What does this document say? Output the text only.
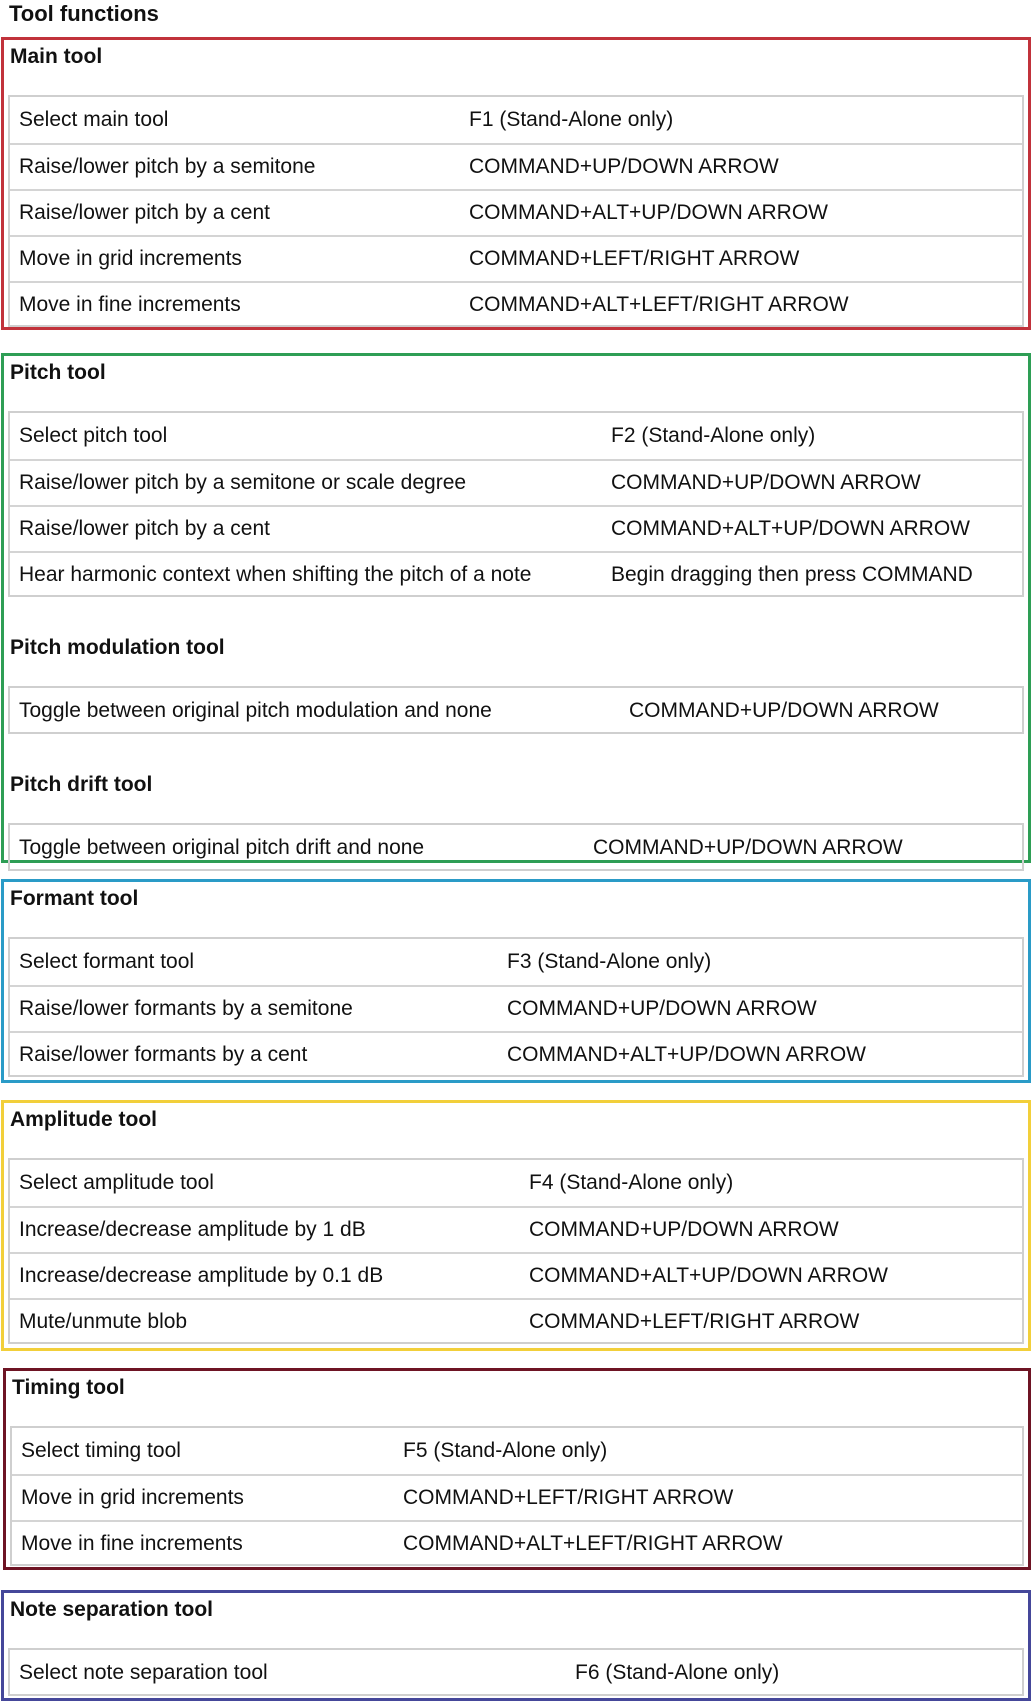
Tool functions
Main tool
Select main tool	F1 (Stand-Alone only)
Raise/lower pitch by a semitone	COMMAND+UP/DOWN ARROW
Raise/lower pitch by a cent	COMMAND+ALT+UP/DOWN ARROW
Move in grid increments	COMMAND+LEFT/RIGHT ARROW
Move in fine increments	COMMAND+ALT+LEFT/RIGHT ARROW
Pitch tool
Select pitch tool	F2 (Stand-Alone only)
Raise/lower pitch by a semitone or scale degree	COMMAND+UP/DOWN ARROW
Raise/lower pitch by a cent	COMMAND+ALT+UP/DOWN ARROW
Hear harmonic context when shifting the pitch of a note	Begin dragging then press COMMAND
Pitch modulation tool
Toggle between original pitch modulation and none	COMMAND+UP/DOWN ARROW
Pitch drift tool
Toggle between original pitch drift and none	COMMAND+UP/DOWN ARROW
Formant tool
Select formant tool	F3 (Stand-Alone only)
Raise/lower formants by a semitone	COMMAND+UP/DOWN ARROW
Raise/lower formants by a cent	COMMAND+ALT+UP/DOWN ARROW
Amplitude tool
Select amplitude tool	F4 (Stand-Alone only)
Increase/decrease amplitude by 1 dB	COMMAND+UP/DOWN ARROW
Increase/decrease amplitude by 0.1 dB	COMMAND+ALT+UP/DOWN ARROW
Mute/unmute blob	COMMAND+LEFT/RIGHT ARROW
Timing tool
Select timing tool	F5 (Stand-Alone only)
Move in grid increments	COMMAND+LEFT/RIGHT ARROW
Move in fine increments	COMMAND+ALT+LEFT/RIGHT ARROW
Note separation tool
Select note separation tool	F6 (Stand-Alone only)
